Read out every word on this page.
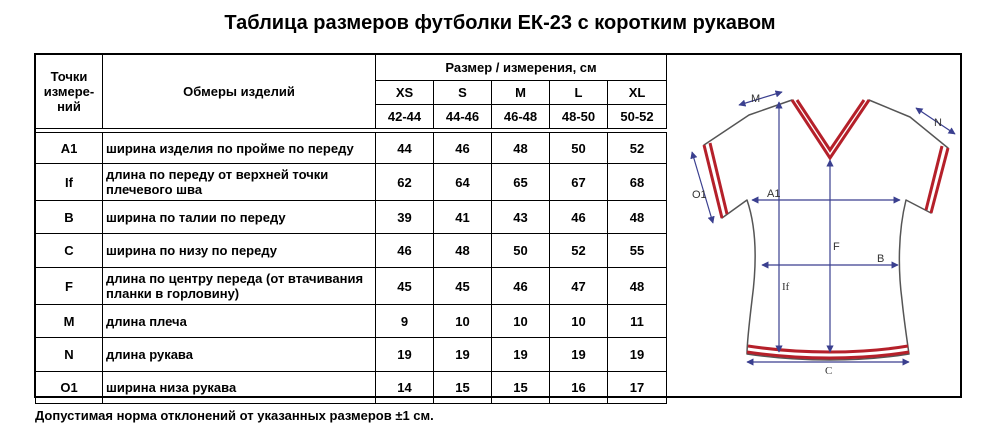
Таблица размеров футболки ЕК-23 с коротким рукавом
Точки измере-ний	Обмеры изделий	Размер / измерения, см				
		XS	S	M	L	XL
		42-44	44-46	46-48	48-50	50-52

A1	ширина изделия по пройме по переду	44	46	48	50	52
If	длина по переду от верхней точки плечевого шва	62	64	65	67	68
B	ширина по талии по переду	39	41	43	46	48
C	ширина по низу по переду	46	48	50	52	55
F	длина по центру переда (от втачивания планки в горловину)	45	45	46	47	48
M	длина плеча	9	10	10	10	11
N	длина рукава	19	19	19	19	19
O1	ширина низа рукава	14	15	15	16	17
M
N
O1	A1
F
B
If
C
Допустимая норма отклонений от указанных размеров ±1 см.
